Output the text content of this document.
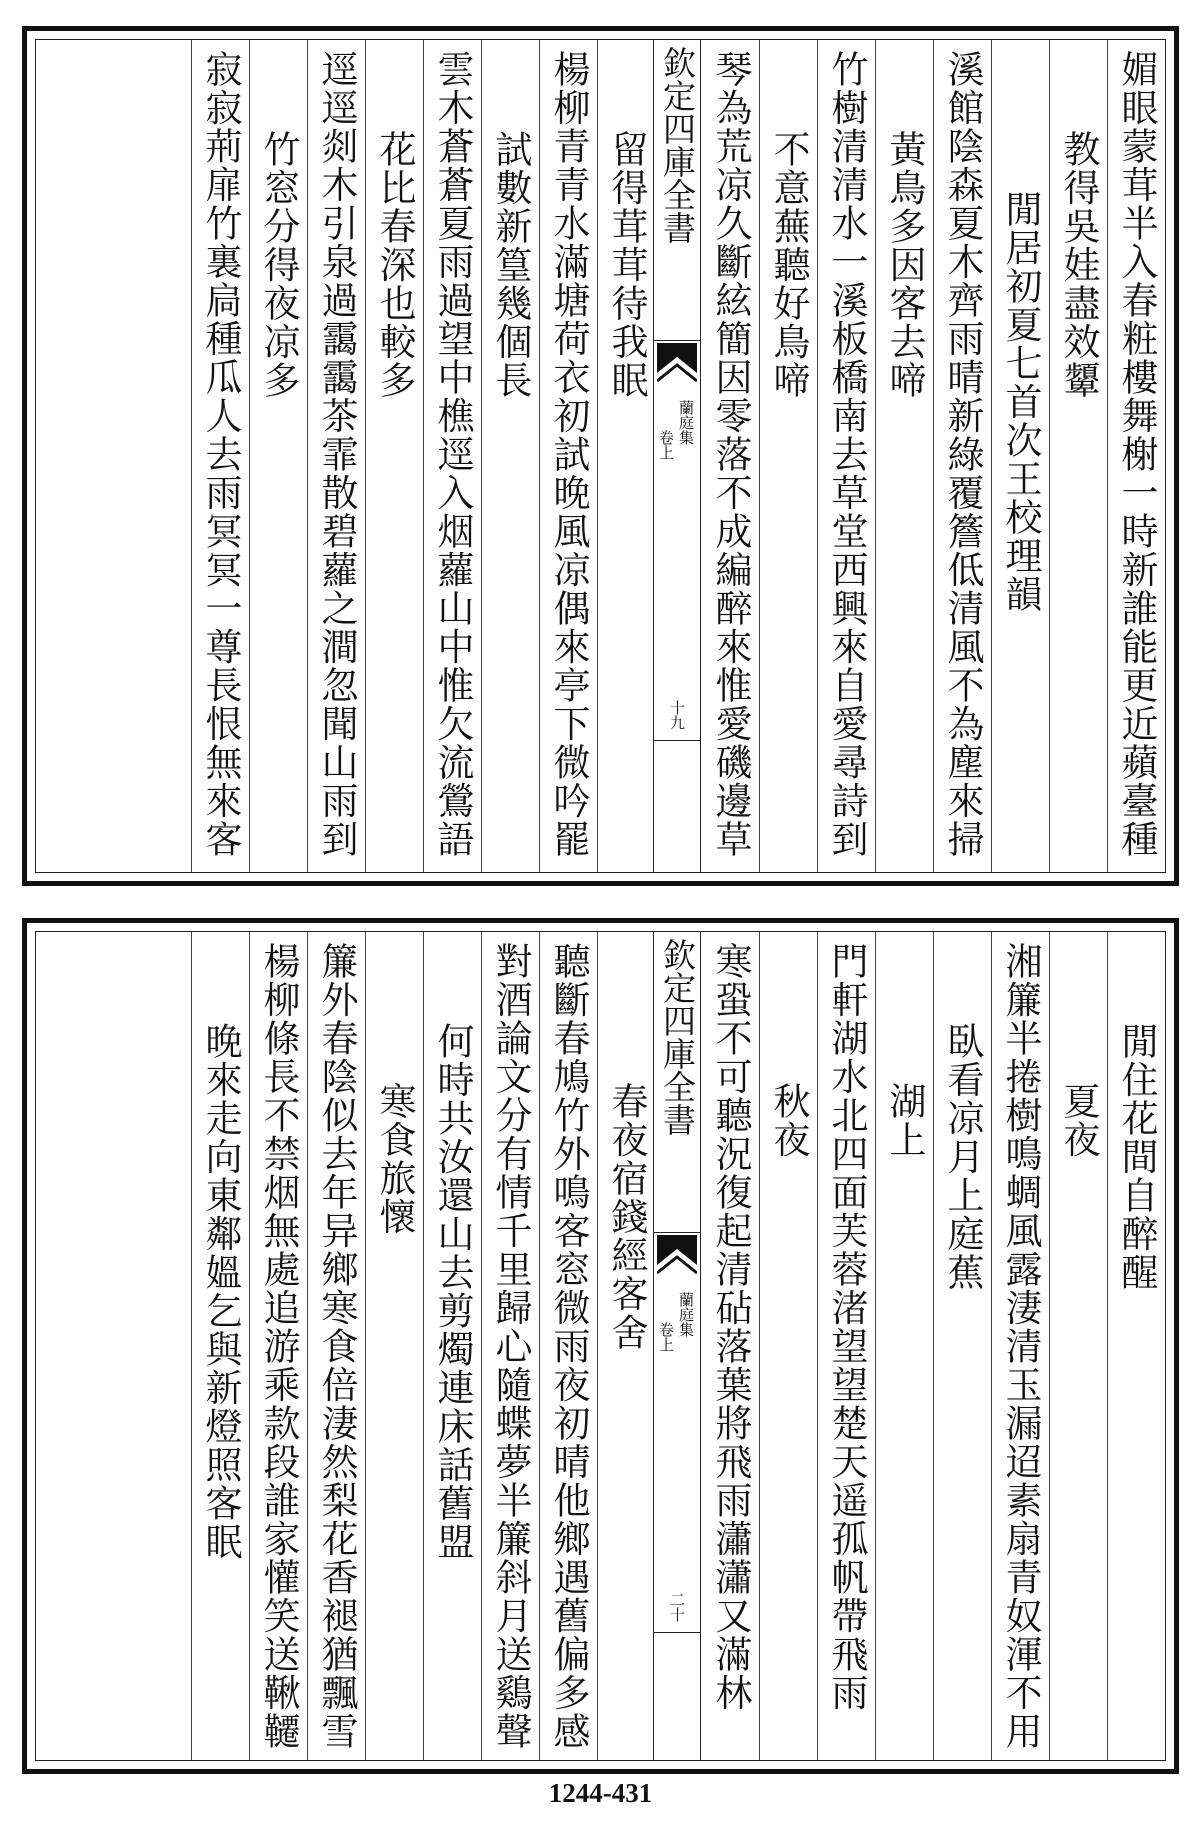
媚眼蒙茸半入春粧樓舞榭一時新誰能更近蘋臺種
教得吳娃盡效顰
閒居初夏七首次王校理韻
溪館陰森夏木齊雨晴新綠覆簷低清風不為塵來掃
黃鳥多因客去啼
竹樹清清水一溪板橋南去草堂西興來自愛尋詩到
不意蕪聽好鳥啼
琴為荒凉久斷絃簡因零落不成編醉來惟愛磯邊草
欽定四庫全書
蘭庭集
卷上
十九
留得茸茸待我眠
楊柳青青水滿塘荷衣初試晚風凉偶來亭下微吟罷
試數新篁幾個長
雲木蒼蒼夏雨過望中樵逕入烟蘿山中惟欠流鶯語
花比春深也較多
逕逕剡木引泉過靄靄茶霏散碧蘿之澗忽聞山雨到
竹窓分得夜凉多
寂寂荊扉竹裏扃種瓜人去雨冥冥一尊長恨無來客
閒住花間自醉醒
夏夜
湘簾半捲樹鳴蜩風露淒清玉漏迢素扇青奴渾不用
臥看凉月上庭蕉
湖上
門軒湖水北四面芙蓉渚望望楚天遥孤帆帶飛雨
秋夜
寒蛩不可聽況復起清砧落葉將飛雨瀟瀟又滿林
欽定四庫全書
蘭庭集
卷上
二十
春夜宿錢經客舍
聽斷春鳩竹外鳴客窓微雨夜初晴他鄉遇舊偏多感
對酒論文分有情千里歸心隨蝶夢半簾斜月送鷄聲
何時共汝還山去剪燭連床話舊盟
寒食旅懷
簾外春陰似去年异鄉寒食倍淒然梨花香褪猶飄雪
楊柳條長不禁烟無處追游乘款段誰家懽笑送鞦韆
晚來走向東鄰媼乞與新燈照客眠
1244-431
